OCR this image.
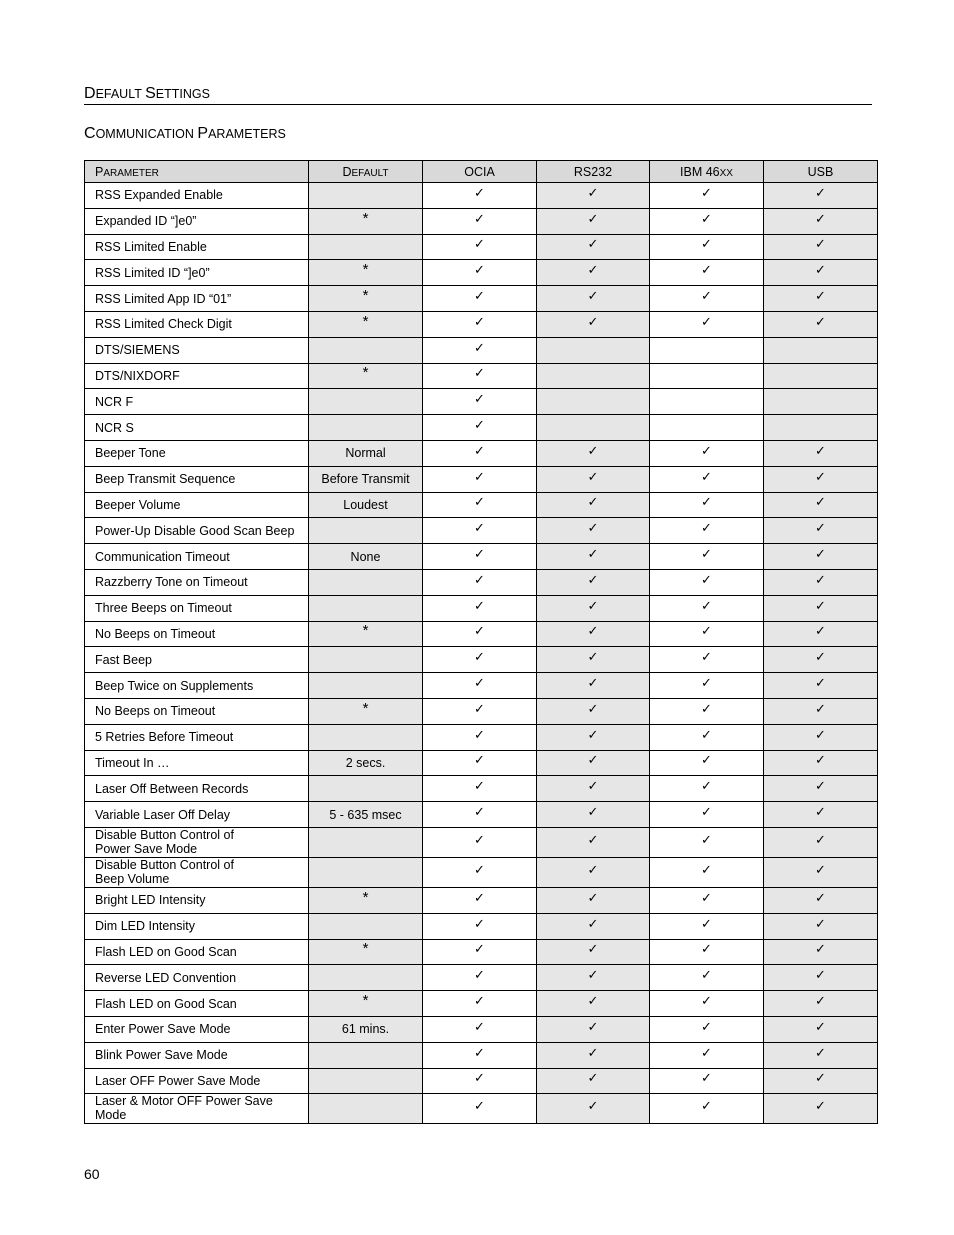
DEFAULT SETTINGS
COMMUNICATION PARAMETERS
PARAMETER	DEFAULT	OCIA	RS232	IBM 46XX	USB
RSS Expanded Enable		✓	✓	✓	✓
Expanded ID “]e0”	*	✓	✓	✓	✓
RSS Limited Enable		✓	✓	✓	✓
RSS Limited ID “]e0”	*	✓	✓	✓	✓
RSS Limited App ID “01”	*	✓	✓	✓	✓
RSS Limited Check Digit	*	✓	✓	✓	✓
DTS/SIEMENS		✓			
DTS/NIXDORF	*	✓			
NCR F		✓			
NCR S		✓			
Beeper Tone	Normal	✓	✓	✓	✓
Beep Transmit Sequence	Before Transmit	✓	✓	✓	✓
Beeper Volume	Loudest	✓	✓	✓	✓
Power-Up Disable Good Scan Beep		✓	✓	✓	✓
Communication Timeout	None	✓	✓	✓	✓
Razzberry Tone on Timeout		✓	✓	✓	✓
Three Beeps on Timeout		✓	✓	✓	✓
No Beeps on Timeout	*	✓	✓	✓	✓
Fast Beep		✓	✓	✓	✓
Beep Twice on Supplements		✓	✓	✓	✓
No Beeps on Timeout	*	✓	✓	✓	✓
5 Retries Before Timeout		✓	✓	✓	✓
Timeout In …	2 secs.	✓	✓	✓	✓
Laser Off Between Records		✓	✓	✓	✓
Variable Laser Off Delay	5 - 635 msec	✓	✓	✓	✓
Disable Button Control of
Power Save Mode		✓	✓	✓	✓
Disable Button Control of
Beep Volume		✓	✓	✓	✓
Bright LED Intensity	*	✓	✓	✓	✓
Dim LED Intensity		✓	✓	✓	✓
Flash LED on Good Scan	*	✓	✓	✓	✓
Reverse LED Convention		✓	✓	✓	✓
Flash LED on Good Scan	*	✓	✓	✓	✓
Enter Power Save Mode	61 mins.	✓	✓	✓	✓
Blink Power Save Mode		✓	✓	✓	✓
Laser OFF Power Save Mode		✓	✓	✓	✓
Laser & Motor OFF Power Save
Mode		✓	✓	✓	✓
60
